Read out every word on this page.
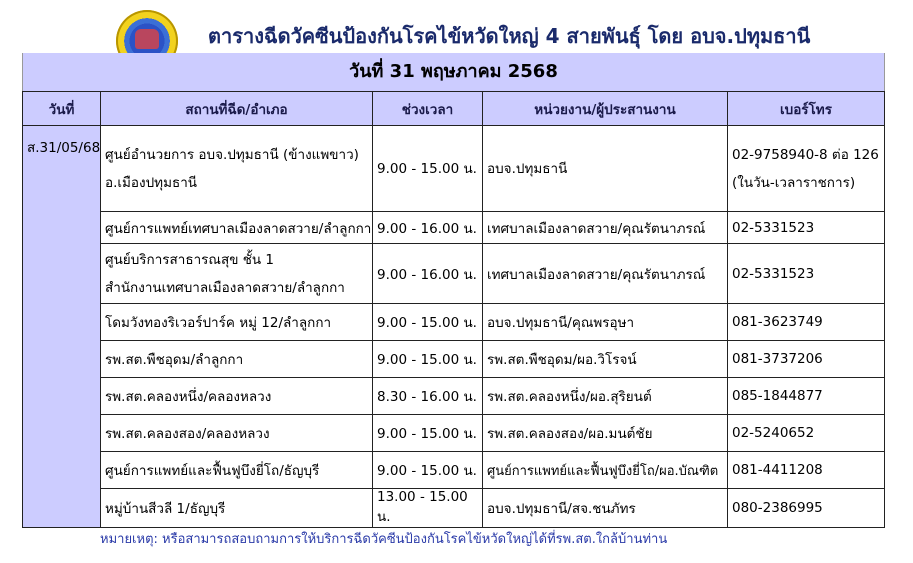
ตารางฉีดวัคซีนป้องกันโรคไข้หวัดใหญ่ 4 สายพันธุ์ โดย อบจ.ปทุมธานี
วันที่ 31 พฤษภาคม 2568
วันที่	สถานที่ฉีด/อำเภอ	ช่วงเวลา	หน่วยงาน/ผู้ประสานงาน	เบอร์โทร
ส.31/05/68	ศูนย์อำนวยการ อบจ.ปทุมธานี (ข้างแพขาว)
อ.เมืองปทุมธานี	9.00 - 15.00 น.	อบจ.ปทุมธานี	02-9758940-8 ต่อ 126
(ในวัน-เวลาราชการ)

	ศูนย์การแพทย์เทศบาลเมืองลาดสวาย/ลำลูกกา	9.00 - 16.00 น.	เทศบาลเมืองลาดสวาย/คุณรัตนาภรณ์	02-5331523

	ศูนย์บริการสาธารณสุข ชั้น 1
สำนักงานเทศบาลเมืองลาดสวาย/ลำลูกกา	9.00 - 16.00 น.	เทศบาลเมืองลาดสวาย/คุณรัตนาภรณ์	02-5331523
	โดมวังทองริเวอร์ปาร์ค หมู่ 12/ลำลูกกา	9.00 - 15.00 น.	อบจ.ปทุมธานี/คุณพรอุษา	081-3623749
	รพ.สต.พืชอุดม/ลำลูกกา	9.00 - 15.00 น.	รพ.สต.พืชอุดม/ผอ.วิโรจน์	081-3737206
	รพ.สต.คลองหนึ่ง/คลองหลวง	8.30 - 16.00 น.	รพ.สต.คลองหนึ่ง/ผอ.สุริยนต์	085-1844877
	รพ.สต.คลองสอง/คลองหลวง	9.00 - 15.00 น.	รพ.สต.คลองสอง/ผอ.มนต์ชัย	02-5240652
	ศูนย์การแพทย์และฟื้นฟูบึงยี่โถ/ธัญบุรี	9.00 - 15.00 น.	ศูนย์การแพทย์และฟื้นฟูบึงยี่โถ/ผอ.บัณฑิต	081-4411208
	หมู่บ้านสีวลี 1/ธัญบุรี	13.00 - 15.00 น.	อบจ.ปทุมธานี/สจ.ชนภัทร	080-2386995
หมายเหตุ: หรือสามารถสอบถามการให้บริการฉีดวัคซีนป้องกันโรคไข้หวัดใหญ่ได้ที่รพ.สต.ใกล้บ้านท่าน
